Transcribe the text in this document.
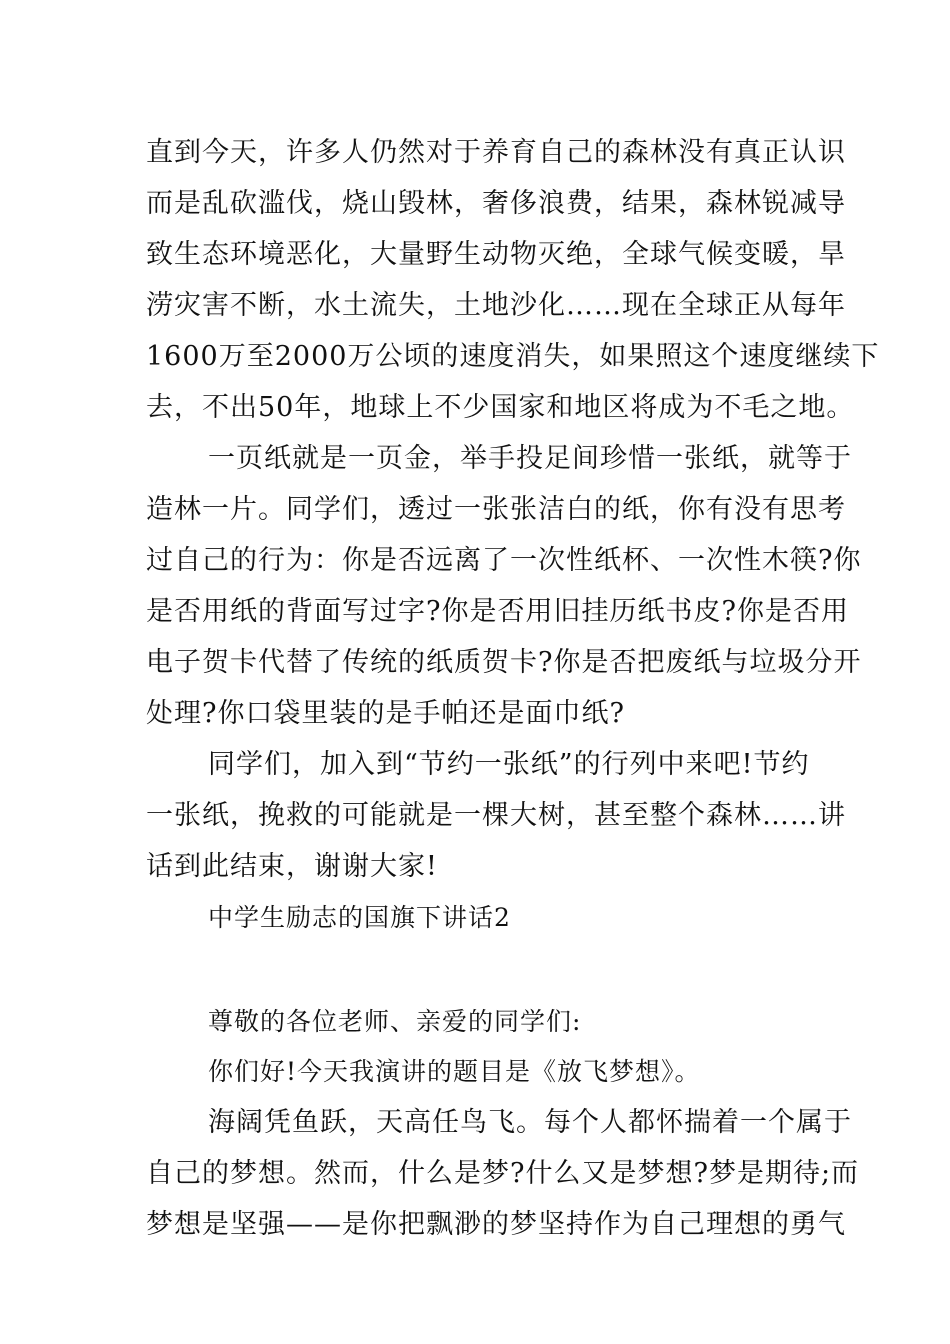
直到今天，许多人仍然对于养育自己的森林没有真正认识
而是乱砍滥伐，烧山毁林，奢侈浪费，结果，森林锐减导
致生态环境恶化，大量野生动物灭绝，全球气候变暖，旱
涝灾害不断，水土流失，土地沙化……现在全球正从每年
1600万至2000万公顷的速度消失，如果照这个速度继续下
去，不出50年，地球上不少国家和地区将成为不毛之地。
一页纸就是一页金，举手投足间珍惜一张纸，就等于
造林一片。同学们，透过一张张洁白的纸，你有没有思考
过自己的行为：你是否远离了一次性纸杯、一次性木筷?你
是否用纸的背面写过字?你是否用旧挂历纸书皮?你是否用
电子贺卡代替了传统的纸质贺卡?你是否把废纸与垃圾分开
处理?你口袋里装的是手帕还是面巾纸?
同学们，加入到“节约一张纸”的行列中来吧!节约
一张纸，挽救的可能就是一棵大树，甚至整个森林……讲
话到此结束，谢谢大家!
中学生励志的国旗下讲话2
尊敬的各位老师、亲爱的同学们:
你们好!今天我演讲的题目是《放飞梦想》。
海阔凭鱼跃，天高任鸟飞。每个人都怀揣着一个属于
自己的梦想。然而，什么是梦?什么又是梦想?梦是期待;而
梦想是坚强——是你把飘渺的梦坚持作为自己理想的勇气
